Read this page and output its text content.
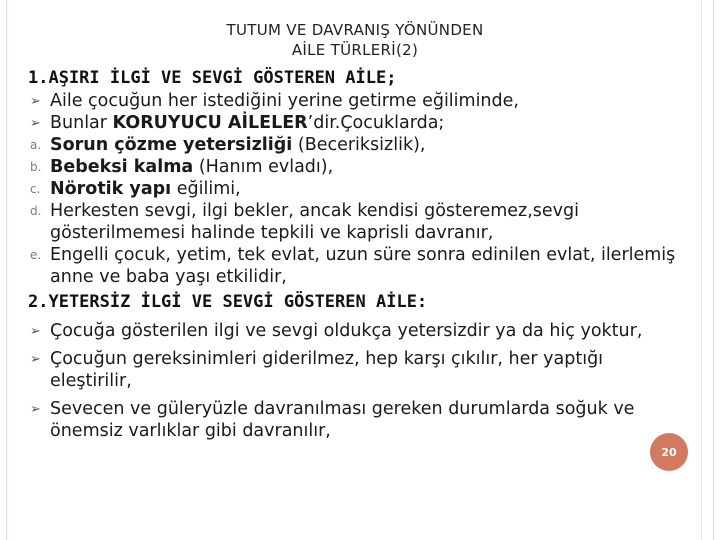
TUTUM VE DAVRANIŞ YÖNÜNDEN
AİLE TÜRLERİ(2)
1.AŞIRI İLGİ VE SEVGİ GÖSTEREN AİLE;
➢ Aile çocuğun her istediğini yerine getirme eğiliminde,
➢ Bunlar KORUYUCU AİLELER’dir.Çocuklarda;
a. Sorun çözme yetersizliği (Beceriksizlik),
b. Bebeksi kalma (Hanım evladı),
c. Nörotik yapı eğilimi,
d. Herkesten sevgi, ilgi bekler, ancak kendisi gösteremez,sevgi gösterilmemesi halinde tepkili ve kaprisli davranır,
e. Engelli çocuk, yetim, tek evlat, uzun süre sonra edinilen evlat, ilerlemiş anne ve baba yaşı etkilidir,
2.YETERSİZ İLGİ VE SEVGİ GÖSTEREN AİLE:
➢ Çocuğa gösterilen ilgi ve sevgi oldukça yetersizdir ya da hiç yoktur,
➢ Çocuğun gereksinimleri giderilmez, hep karşı çıkılır, her yaptığı eleştirilir,
➢ Sevecen ve güleryüzle davranılması gereken durumlarda soğuk ve önemsiz varlıklar gibi davranılır,
20
